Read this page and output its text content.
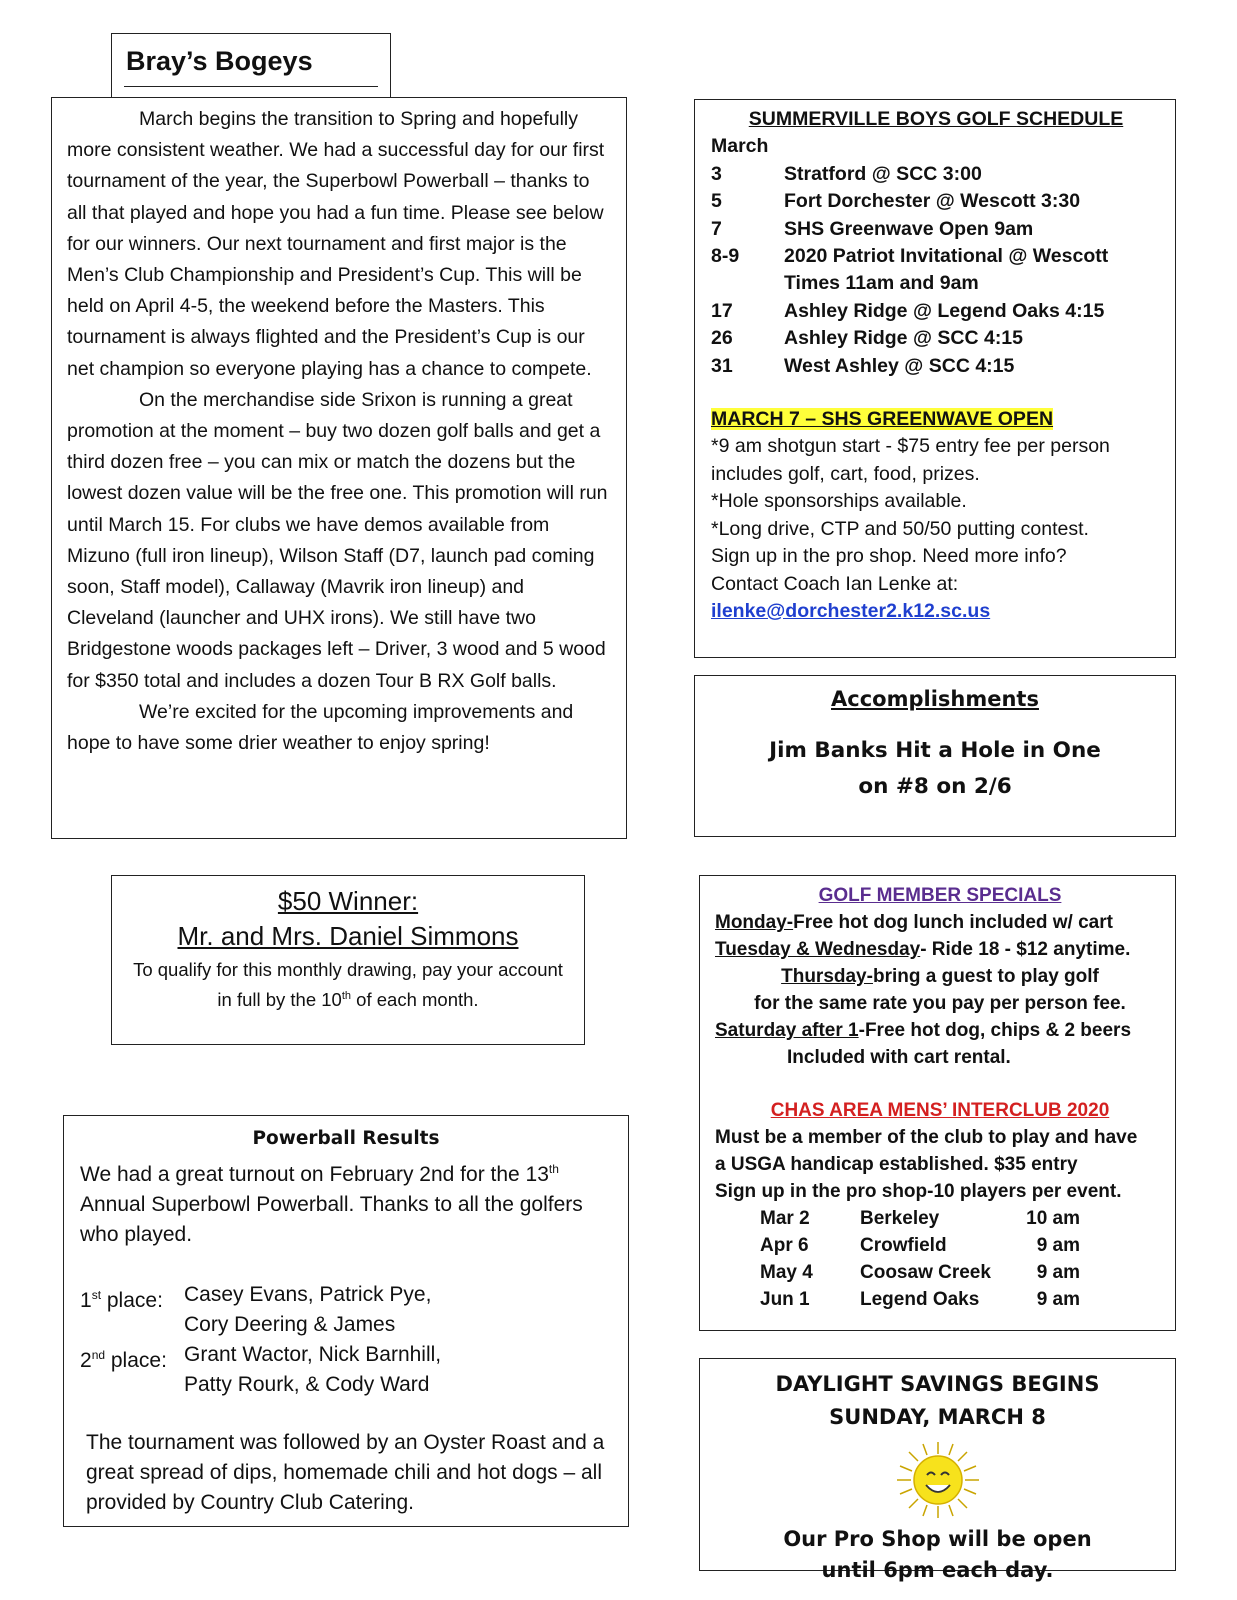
Bray’s Bogeys

March begins the transition to Spring and hopefully more consistent weather. We had a successful day for our first tournament of the year, the Superbowl Powerball – thanks to all that played and hope you had a fun time. Please see below for our winners. Our next tournament and first major is the Men’s Club Championship and President’s Cup. This will be held on April 4-5, the weekend before the Masters. This tournament is always flighted and the President’s Cup is our net champion so everyone playing has a chance to compete.

On the merchandise side Srixon is running a great promotion at the moment – buy two dozen golf balls and get a third dozen free – you can mix or match the dozens but the lowest dozen value will be the free one. This promotion will run until March 15. For clubs we have demos available from Mizuno (full iron lineup), Wilson Staff (D7, launch pad coming soon, Staff model), Callaway (Mavrik iron lineup) and Cleveland (launcher and UHX irons). We still have two Bridgestone woods packages left – Driver, 3 wood and 5 wood for $350 total and includes a dozen Tour B RX Golf balls.

We’re excited for the upcoming improvements and hope to have some drier weather to enjoy spring!

$50 Winner:
Mr. and Mrs. Daniel Simmons
To qualify for this monthly drawing, pay your account in full by the 10th of each month.
Powerball Results
We had a great turnout on February 2nd for the 13th Annual Superbowl Powerball. Thanks to all the golfers who played.
1st place:	Casey Evans, Patrick Pye,
Cory Deering & James
2nd place: Grant Wactor, Nick Barnhill,
Patty Rourk, & Cody Ward
The tournament was followed by an Oyster Roast and a great spread of dips, homemade chili and hot dogs – all provided by Country Club Catering.
SUMMERVILLE BOYS GOLF SCHEDULE
March
3	Stratford @ SCC 3:00
5	Fort Dorchester @ Wescott 3:30
7	SHS Greenwave Open 9am
8-9	2020 Patriot Invitational @ Wescott
Times 11am and 9am
17	Ashley Ridge @ Legend Oaks 4:15
26	Ashley Ridge @ SCC 4:15
31	West Ashley @ SCC 4:15
MARCH 7 – SHS GREENWAVE OPEN
*9 am shotgun start - $75 entry fee per person
includes golf, cart, food, prizes.
*Hole sponsorships available.
*Long drive, CTP and 50/50 putting contest.
Sign up in the pro shop. Need more info?
Contact Coach Ian Lenke at:
ilenke@dorchester2.k12.sc.us
Accomplishments
Jim Banks Hit a Hole in One
on #8 on 2/6
GOLF MEMBER SPECIALS
Monday-Free hot dog lunch included w/ cart
Tuesday & Wednesday- Ride 18 - $12 anytime.
Thursday-bring a guest to play golf
for the same rate you pay per person fee.
Saturday after 1-Free hot dog, chips & 2 beers
Included with cart rental.
CHAS AREA MENS’ INTERCLUB 2020
Must be a member of the club to play and have
a USGA handicap established. $35 entry
Sign up in the pro shop-10 players per event.
Mar 2	Berkeley	10 am
Apr 6	Crowfield	9 am
May 4	Coosaw Creek	9 am
Jun 1	Legend Oaks	9 am
DAYLIGHT SAVINGS BEGINS
SUNDAY, MARCH 8
Our Pro Shop will be open
until 6pm each day.
